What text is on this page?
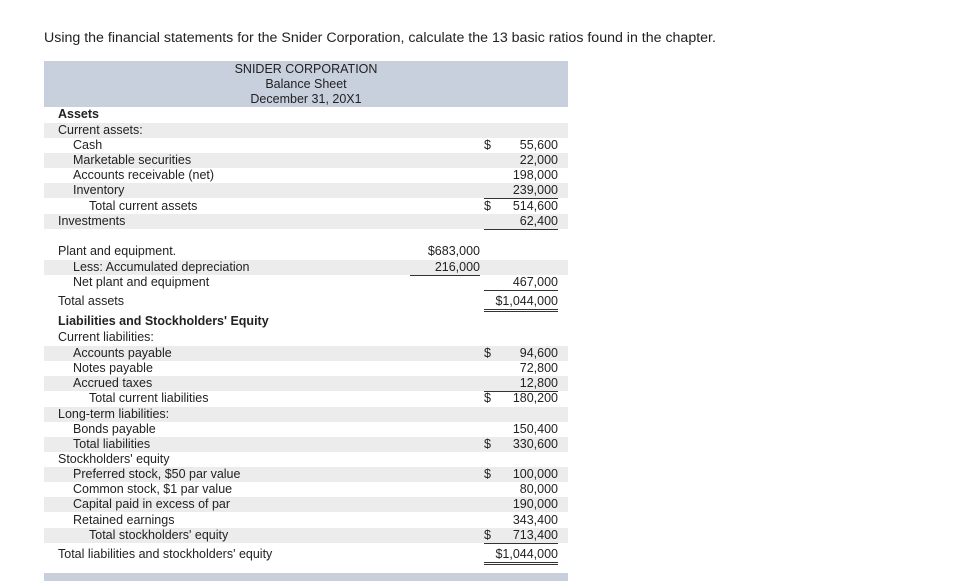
Using the financial statements for the Snider Corporation, calculate the 13 basic ratios found in the chapter.
SNIDER CORPORATION
Balance Sheet
December 31, 20X1
Assets
Current assets:
Cash	$ 55,600
Marketable securities	22,000
Accounts receivable (net)	198,000
Inventory	239,000
Total current assets	$ 514,600
Investments	62,400
Plant and equipment.	$683,000
Less: Accumulated depreciation	216,000
Net plant and equipment	467,000
Total assets	$1,044,000
Liabilities and Stockholders' Equity
Current liabilities:
Accounts payable	$ 94,600
Notes payable	72,800
Accrued taxes	12,800
Total current liabilities	$ 180,200
Long-term liabilities:
Bonds payable	150,400
Total liabilities	$ 330,600
Stockholders' equity
Preferred stock, $50 par value	$ 100,000
Common stock, $1 par value	80,000
Capital paid in excess of par	190,000
Retained earnings	343,400
Total stockholders' equity	$ 713,400
Total liabilities and stockholders' equity	$1,044,000
